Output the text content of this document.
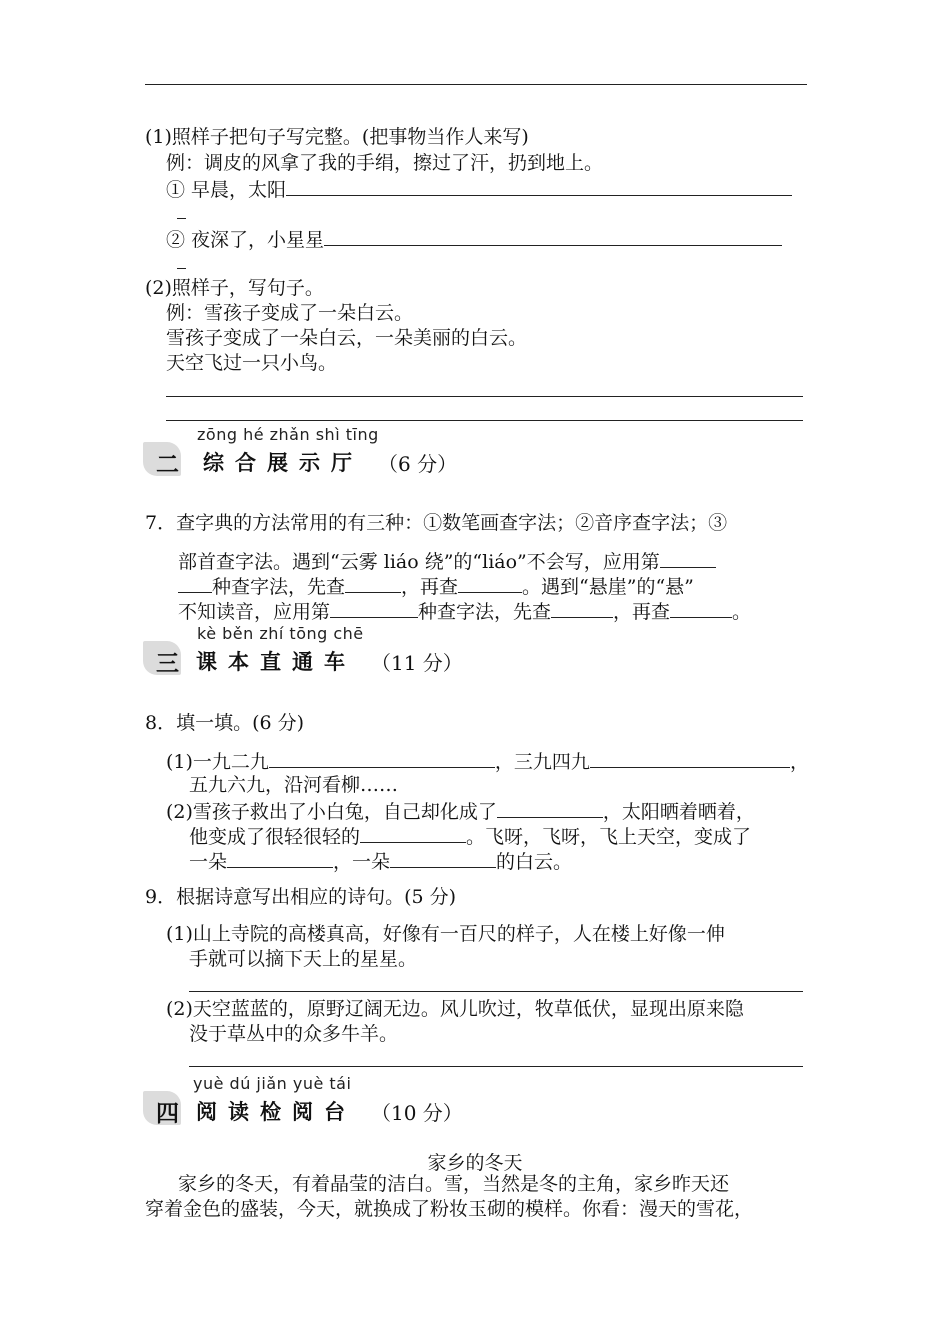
(1)照样子把句子写完整。(把事物当作人来写)
例：调皮的风拿了我的手绢，擦过了汗，扔到地上。
① 早晨，太阳
② 夜深了，小星星
(2)照样子，写句子。
例：雪孩子变成了一朵白云。
雪孩子变成了一朵白云，一朵美丽的白云。
天空飞过一只小鸟。
zōng hé zhǎn shì tīng
二 综合展示厅 （6 分）
7．查字典的方法常用的有三种：①数笔画查字法；②音序查字法；③
部首查字法。遇到“云雾 liáo 绕”的“liáo”不会写，应用第
种查字法，先查	，再查	。遇到“悬崖”的“悬”
不知读音，应用第	种查字法，先查	，再查	。
kè běn zhí tōng chē
三 课本直通车 （11 分）
8．填一填。(6 分)
(1)一九二九	，三九四九	，
五九六九，沿河看柳……
(2)雪孩子救出了小白兔，自己却化成了	，太阳晒着晒着，
他变成了很轻很轻的	。飞呀，飞呀，飞上天空，变成了
一朵	，一朵	的白云。
9．根据诗意写出相应的诗句。(5 分)
(1)山上寺院的高楼真高，好像有一百尺的样子，人在楼上好像一伸
手就可以摘下天上的星星。
(2)天空蓝蓝的，原野辽阔无边。风儿吹过，牧草低伏，显现出原来隐
没于草丛中的众多牛羊。
yuè dú jiǎn yuè tái
四 阅读检阅台 （10 分）
家乡的冬天
家乡的冬天，有着晶莹的洁白。雪，当然是冬的主角，家乡昨天还
穿着金色的盛装，今天，就换成了粉妆玉砌的模样。你看：漫天的雪花，
